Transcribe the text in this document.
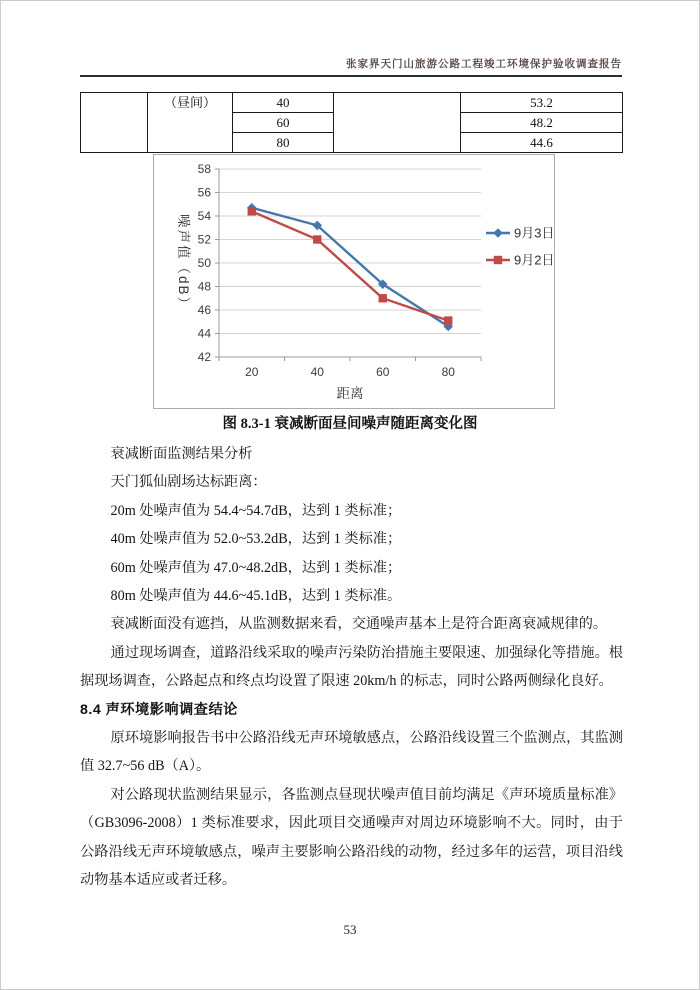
张家界天门山旅游公路工程竣工环境保护验收调查报告
	（昼间）	40		53.2
		60		48.2
		80		44.6
42
44
46
48
50
52
54
56
58
20	40	60	80
9月3日
9月2日
距离
噪声值（dB）
图 8.3-1 衰减断面昼间噪声随距离变化图

衰减断面监测结果分析

天门狐仙剧场达标距离：

20m 处噪声值为 54.4~54.7dB，达到 1 类标准；

40m 处噪声值为 52.0~53.2dB，达到 1 类标准；

60m 处噪声值为 47.0~48.2dB，达到 1 类标准；

80m 处噪声值为 44.6~45.1dB，达到 1 类标准。

衰减断面没有遮挡，从监测数据来看，交通噪声基本上是符合距离衰减规律的。

通过现场调查，道路沿线采取的噪声污染防治措施主要限速、加强绿化等措施。根据现场调查，公路起点和终点均设置了限速 20km/h 的标志，同时公路两侧绿化良好。

8.4 声环境影响调查结论

原环境影响报告书中公路沿线无声环境敏感点，公路沿线设置三个监测点，其监测值 32.7~56 dB（A）。

对公路现状监测结果显示，各监测点昼现状噪声值目前均满足《声环境质量标准》（GB3096-2008）1 类标准要求，因此项目交通噪声对周边环境影响不大。同时，由于公路沿线无声环境敏感点，噪声主要影响公路沿线的动物，经过多年的运营，项目沿线动物基本适应或者迁移。

53
